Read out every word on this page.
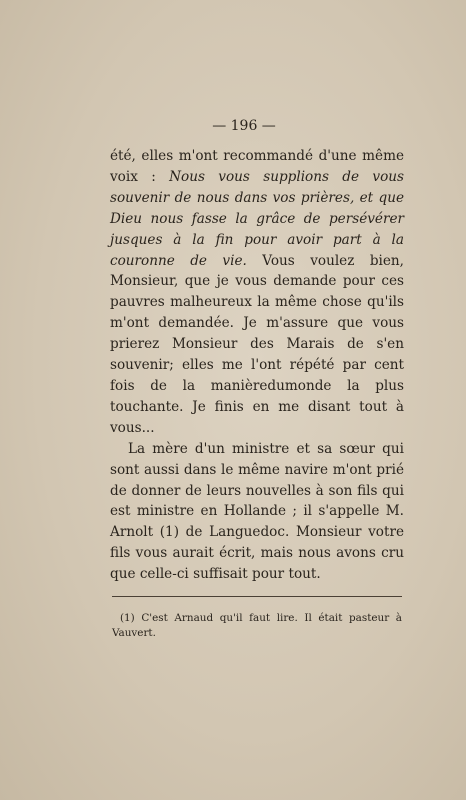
— 196 —

été, elles m'ont recommandé d'une même voix : Nous vous supplions de vous souvenir de nous dans vos prières, et que Dieu nous fasse la grâce de persévérer jusques à la fin pour avoir part à la couronne de vie. Vous voulez bien, Monsieur, que je vous demande pour ces pauvres malheureux la même chose qu'ils m'ont demandée. Je m'assure que vous prierez Monsieur des Marais de s'en souvenir; elles me l'ont répété par cent fois de la manièredumonde la plus touchante. Je finis en me disant tout à vous...

La mère d'un ministre et sa sœur qui sont aussi dans le même navire m'ont prié de donner de leurs nouvelles à son fils qui est ministre en Hollande ; il s'appelle M. Arnolt (1) de Languedoc. Monsieur votre fils vous aurait écrit, mais nous avons cru que celle-ci suffisait pour tout.

(1) C'est Arnaud qu'il faut lire. Il était pasteur à Vauvert.
